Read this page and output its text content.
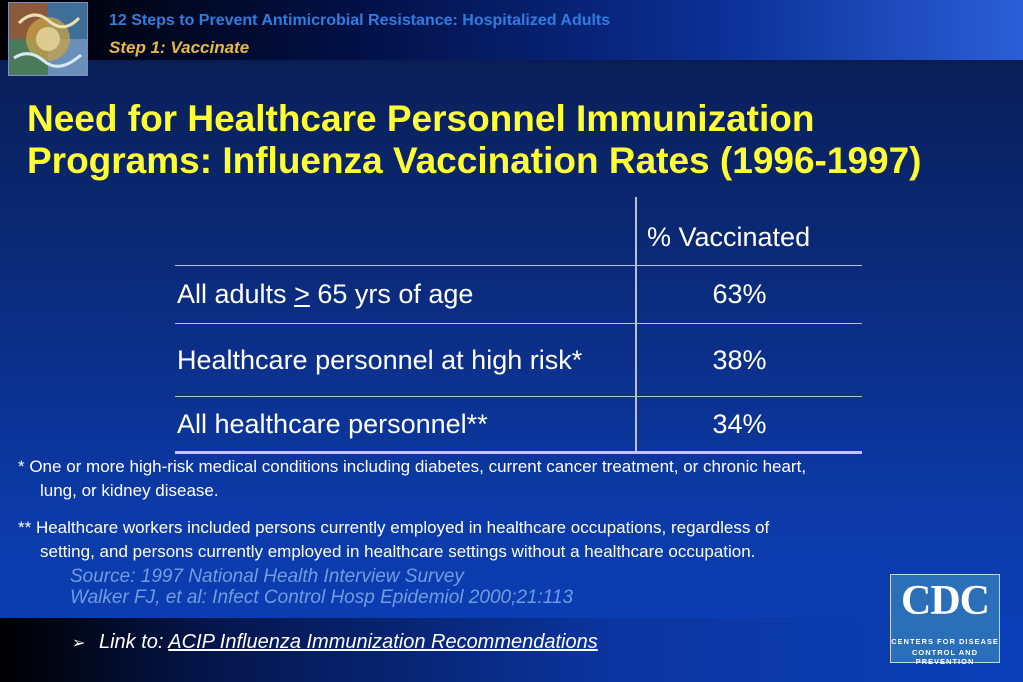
12 Steps to Prevent Antimicrobial Resistance: Hospitalized Adults
Step 1: Vaccinate
Need for Healthcare Personnel Immunization
Programs: Influenza Vaccination Rates (1996-1997)
	% Vaccinated
All adults ≥ 65 yrs of age	63%
Healthcare personnel at high risk*	38%
All healthcare personnel**	34%
* One or more high-risk medical conditions including diabetes, current cancer treatment, or chronic heart,
lung, or kidney disease.
** Healthcare workers included persons currently employed in healthcare occupations, regardless of
setting, and persons currently employed in healthcare settings without a healthcare occupation.
Source: 1997 National Health Interview Survey
Walker FJ, et al: Infect Control Hosp Epidemiol 2000;21:113
➢ Link to: ACIP Influenza Immunization Recommendations
CDC
CENTERS FOR DISEASE
CONTROL AND PREVENTION
